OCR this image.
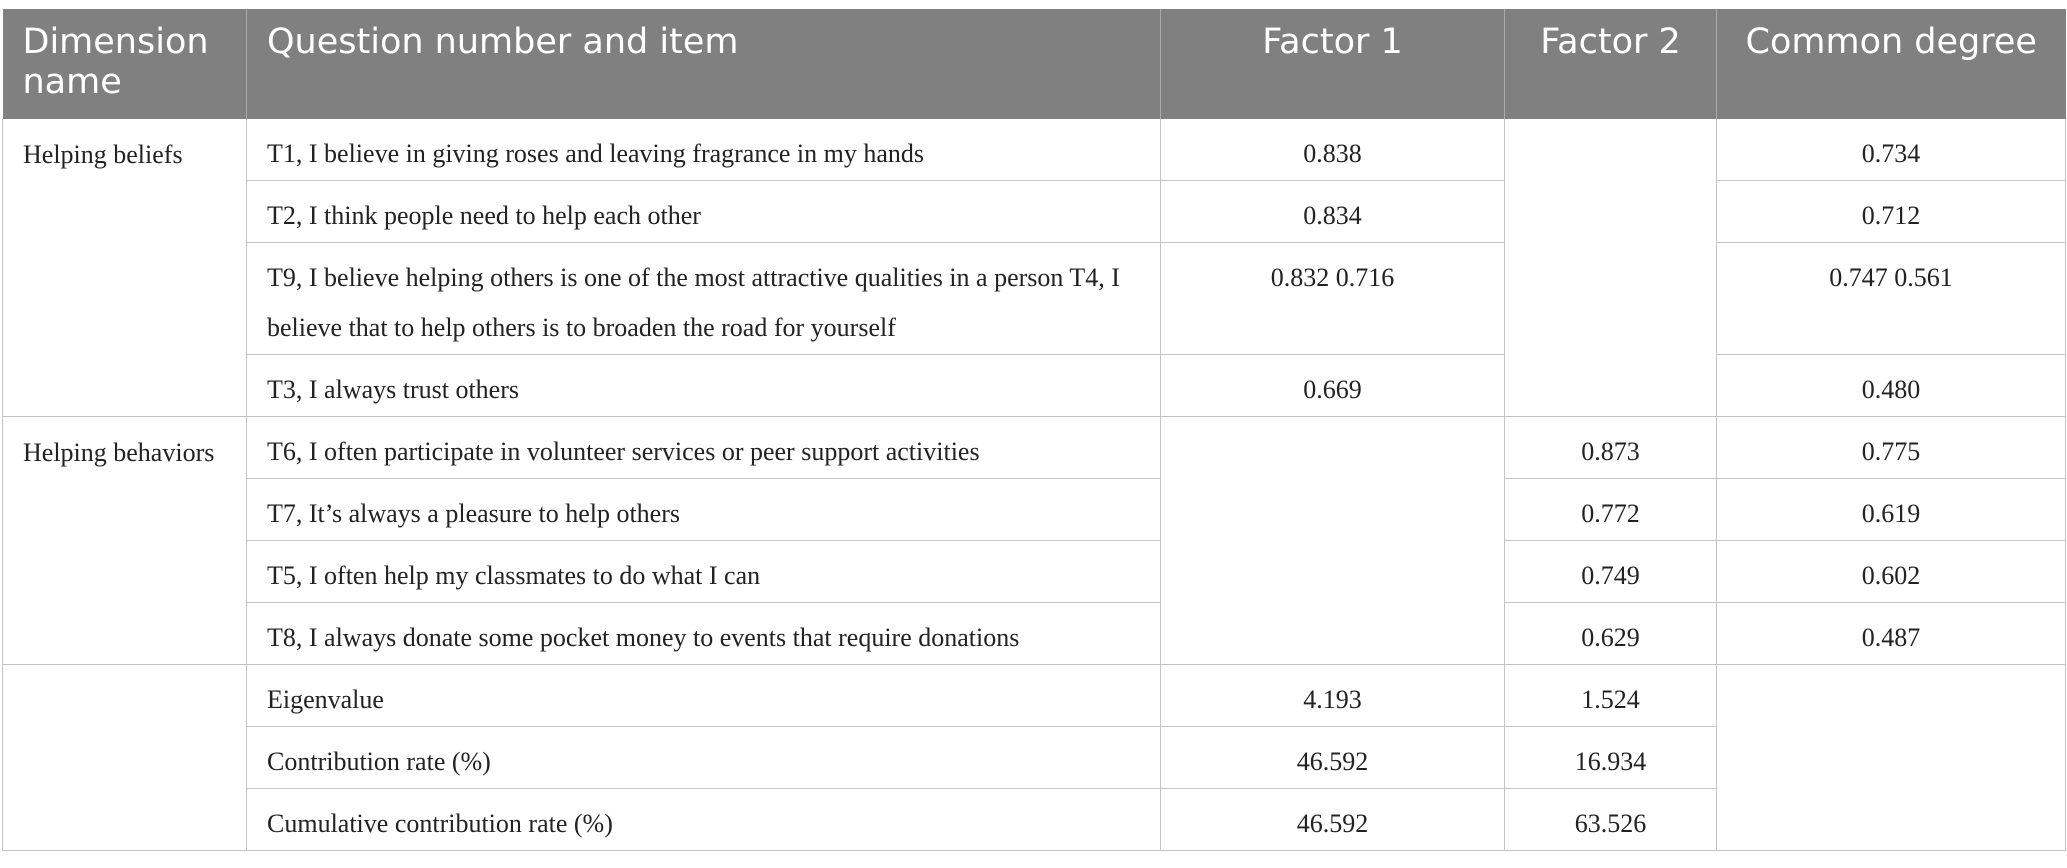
Dimension name	Question number and item	Factor 1	Factor 2	Common degree
Helping beliefs	T1, I believe in giving roses and leaving fragrance in my hands	0.838		0.734
	T2, I think people need to help each other	0.834		0.712
	T9, I believe helping others is one of the most attractive qualities in a person T4, I believe that to help others is to broaden the road for yourself	0.832 0.716		0.747 0.561
	T3, I always trust others	0.669		0.480
Helping behaviors	T6, I often participate in volunteer services or peer support activities		0.873	0.775
	T7, It’s always a pleasure to help others		0.772	0.619
	T5, I often help my classmates to do what I can		0.749	0.602
	T8, I always donate some pocket money to events that require donations		0.629	0.487
	Eigenvalue	4.193	1.524	
	Contribution rate (%)	46.592	16.934	
	Cumulative contribution rate (%)	46.592	63.526	
